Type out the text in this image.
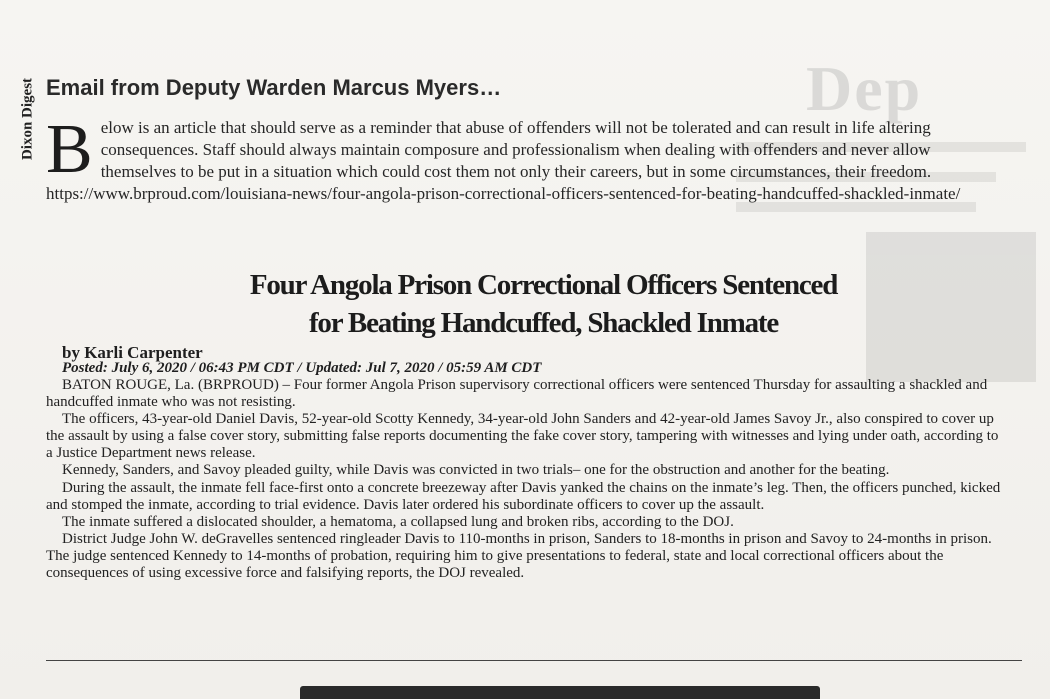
Dep
Dixon Digest Email from Deputy Warden Marcus Myers…
B elow is an article that should serve as a reminder that abuse of offenders will not be tolerated and can result in life altering consequences. Staff should always maintain composure and professionalism when dealing with offenders and never allow themselves to be put in a situation which could cost them not only their careers, but in some circumstances, their freedom.
https://www.brproud.com/louisiana-news/four-angola-prison-correctional-officers-sentenced-for-beating-handcuffed-shackled-inmate/
Four Angola Prison Correctional Officers Sentenced
for Beating Handcuffed, Shackled Inmate
by Karli Carpenter
Posted: July 6, 2020 / 06:43 PM CDT / Updated: Jul 7, 2020 / 05:59 AM CDT

BATON ROUGE, La. (BRPROUD) – Four former Angola Prison supervisory correctional officers were sentenced Thursday for assaulting a shackled and handcuffed inmate who was not resisting.

The officers, 43-year-old Daniel Davis, 52-year-old Scotty Kennedy, 34-year-old John Sanders and 42-year-old James Savoy Jr., also conspired to cover up the assault by using a false cover story, submitting false reports documenting the fake cover story, tampering with witnesses and lying under oath, according to a Justice Department news release.

Kennedy, Sanders, and Savoy pleaded guilty, while Davis was convicted in two trials– one for the obstruction and another for the beating.

During the assault, the inmate fell face-first onto a concrete breezeway after Davis yanked the chains on the inmate’s leg. Then, the officers punched, kicked and stomped the inmate, according to trial evidence. Davis later ordered his subordinate officers to cover up the assault.

The inmate suffered a dislocated shoulder, a hematoma, a collapsed lung and broken ribs, according to the DOJ.

District Judge John W. deGravelles sentenced ringleader Davis to 110-months in prison, Sanders to 18-months in prison and Savoy to 24-months in prison. The judge sentenced Kennedy to 14-months of probation, requiring him to give presentations to federal, state and local correctional officers about the consequences of using excessive force and falsifying reports, the DOJ revealed.
